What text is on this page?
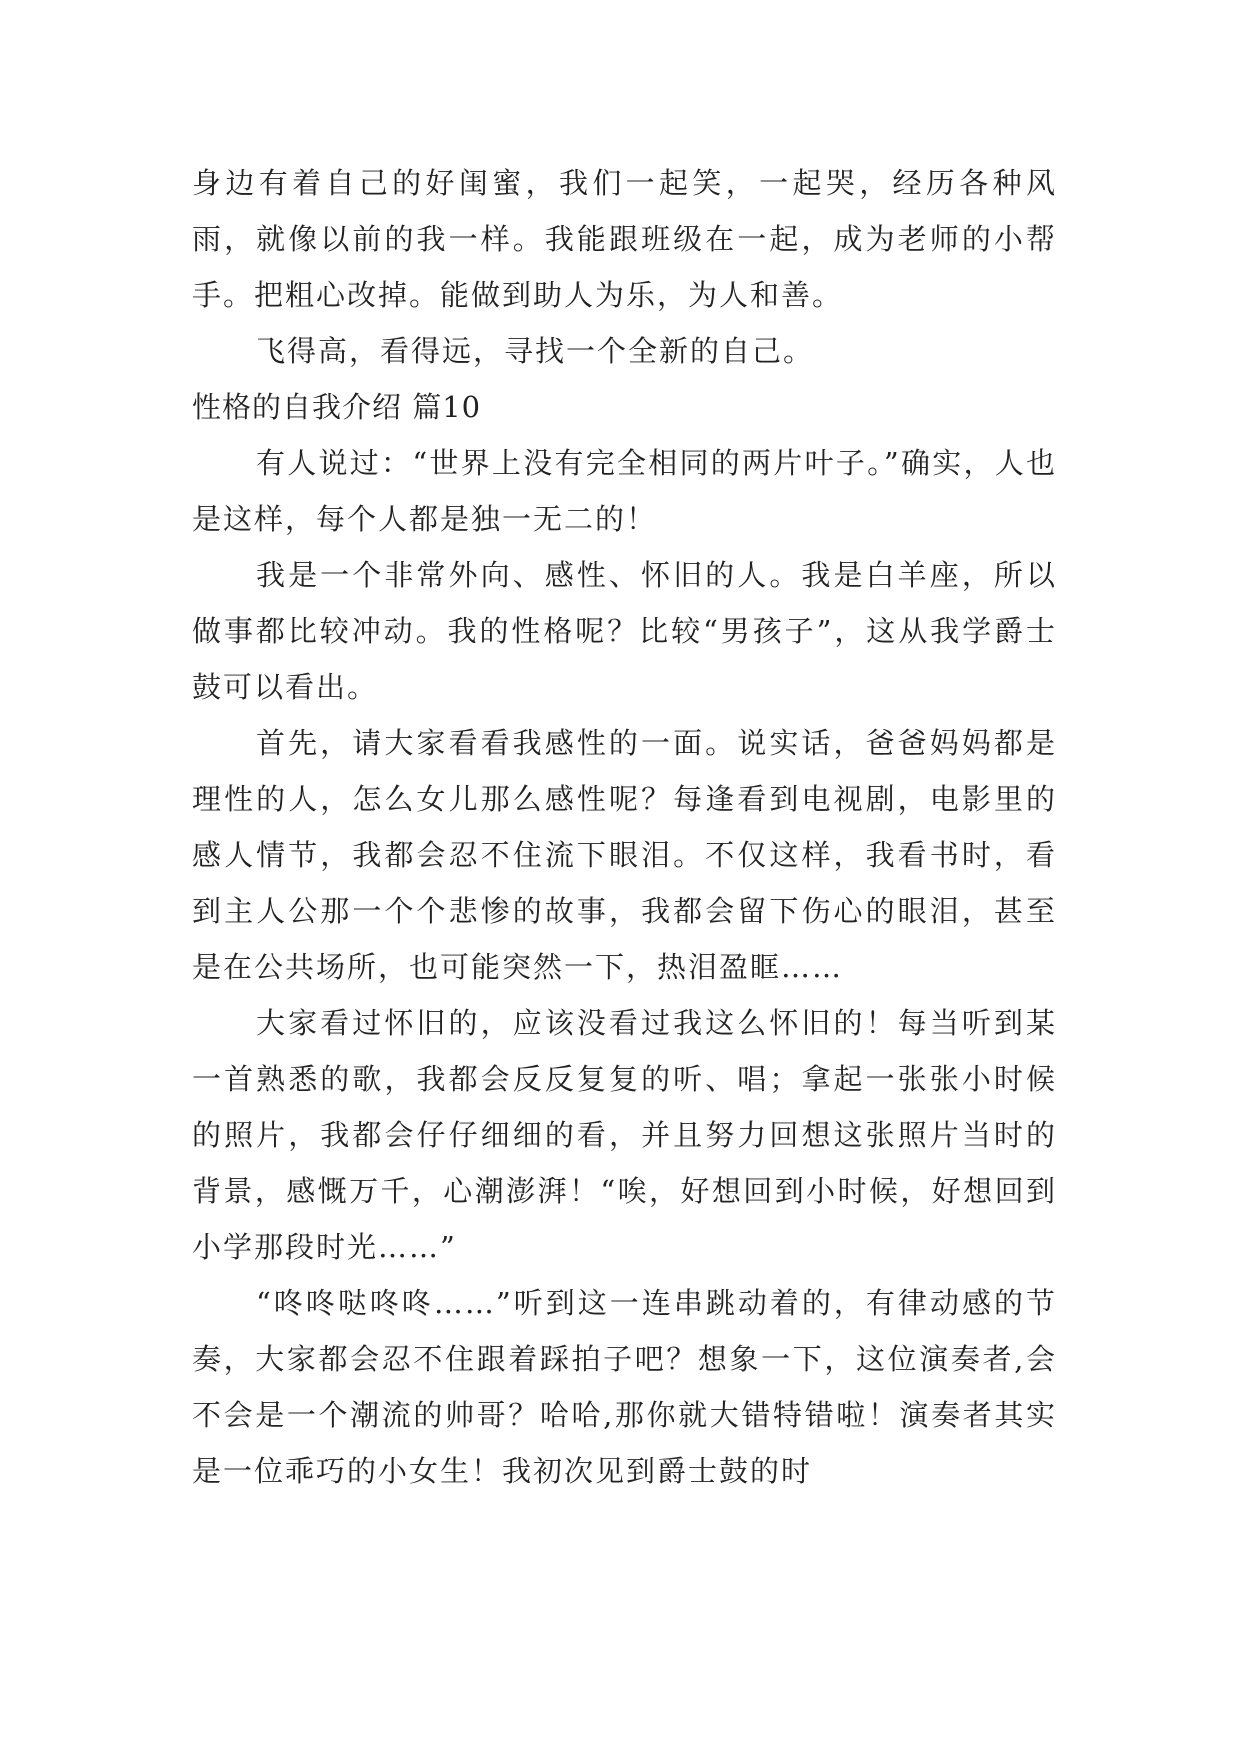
身边有着自己的好闺蜜，我们一起笑，一起哭，经历各种风雨，就像以前的我一样。我能跟班级在一起，成为老师的小帮手。把粗心改掉。能做到助人为乐，为人和善。

飞得高，看得远，寻找一个全新的自己。

性格的自我介绍 篇10

有人说过：“世界上没有完全相同的两片叶子。”确实，人也是这样，每个人都是独一无二的！

我是一个非常外向、感性、怀旧的人。我是白羊座，所以做事都比较冲动。我的性格呢？比较“男孩子”，这从我学爵士鼓可以看出。

首先，请大家看看我感性的一面。说实话，爸爸妈妈都是理性的人，怎么女儿那么感性呢？每逢看到电视剧，电影里的感人情节，我都会忍不住流下眼泪。不仅这样，我看书时，看到主人公那一个个悲惨的故事，我都会留下伤心的眼泪，甚至是在公共场所，也可能突然一下，热泪盈眶……

大家看过怀旧的，应该没看过我这么怀旧的！每当听到某一首熟悉的歌，我都会反反复复的听、唱；拿起一张张小时候的照片，我都会仔仔细细的看，并且努力回想这张照片当时的背景，感慨万千，心潮澎湃！“唉，好想回到小时候，好想回到小学那段时光……”

“咚咚哒咚咚……”听到这一连串跳动着的，有律动感的节奏，大家都会忍不住跟着踩拍子吧？想象一下，这位演奏者,会不会是一个潮流的帅哥？哈哈,那你就大错特错啦！演奏者其实是一位乖巧的小女生！我初次见到爵士鼓的时
